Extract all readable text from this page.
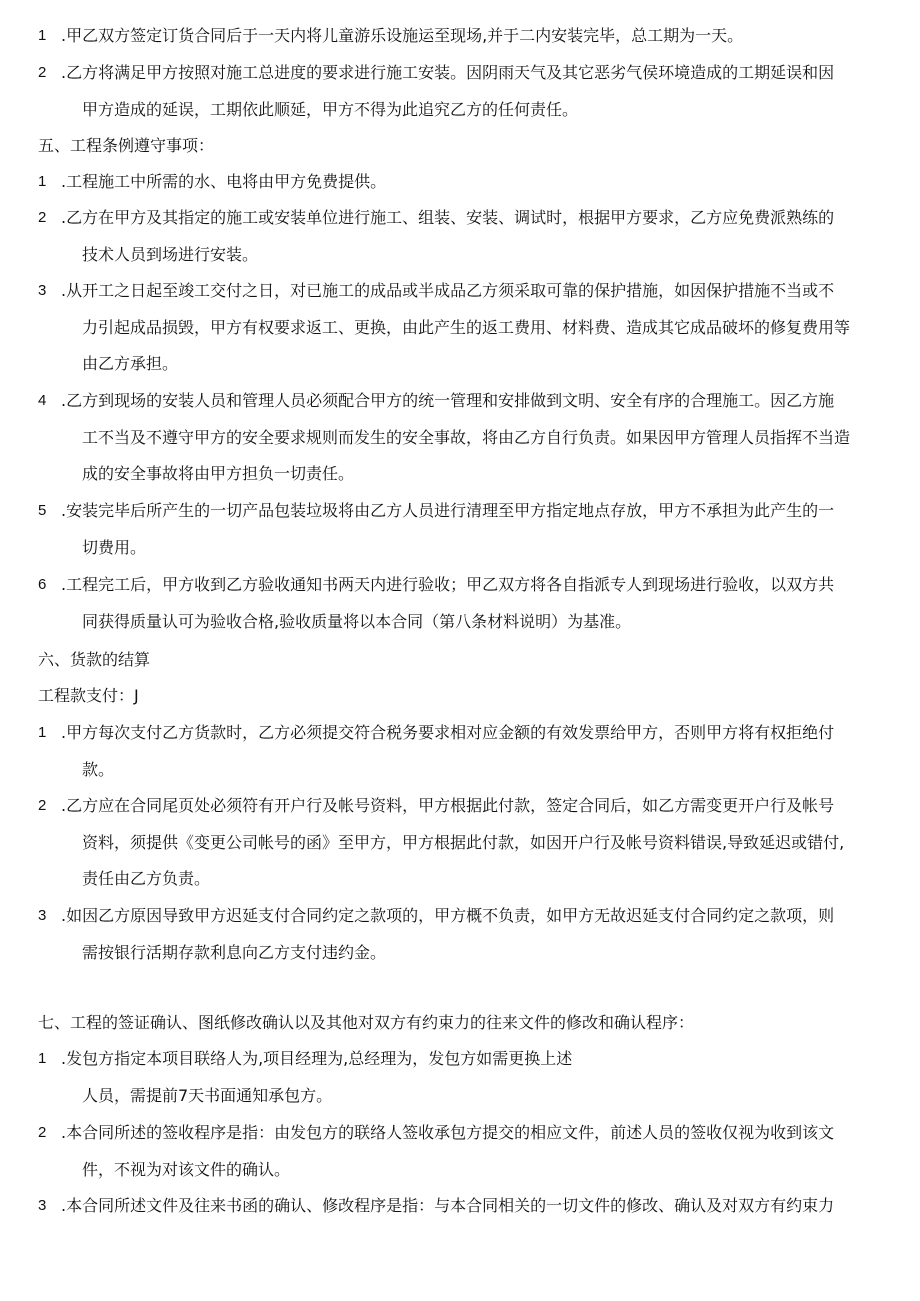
1 .甲乙双方签定订货合同后于一天内将儿童游乐设施运至现场,并于二内安装完毕，总工期为一天。
2 .乙方将满足甲方按照对施工总进度的要求进行施工安装。因阴雨天气及其它恶劣气侯环境造成的工期延误和因
甲方造成的延误，工期依此顺延，甲方不得为此追究乙方的任何责任。
五、工程条例遵守事项：
1 .工程施工中所需的水、电将由甲方免费提供。
2 .乙方在甲方及其指定的施工或安装单位进行施工、组装、安装、调试时，根据甲方要求，乙方应免费派熟练的
技术人员到场进行安装。
3 .从开工之日起至竣工交付之日，对已施工的成品或半成品乙方须采取可靠的保护措施，如因保护措施不当或不
力引起成品损毁，甲方有权要求返工、更换，由此产生的返工费用、材料费、造成其它成品破坏的修复费用等
由乙方承担。
4 .乙方到现场的安装人员和管理人员必须配合甲方的统一管理和安排做到文明、安全有序的合理施工。因乙方施
工不当及不遵守甲方的安全要求规则而发生的安全事故，将由乙方自行负责。如果因甲方管理人员指挥不当造
成的安全事故将由甲方担负一切责任。
5 .安装完毕后所产生的一切产品包装垃圾将由乙方人员进行清理至甲方指定地点存放，甲方不承担为此产生的一
切费用。
6 .工程完工后，甲方收到乙方验收通知书两天内进行验收；甲乙双方将各自指派专人到现场进行验收，以双方共
同获得质量认可为验收合格,验收质量将以本合同（第八条材料说明）为基准。
六、货款的结算
工程款支付：J
1 .甲方每次支付乙方货款时，乙方必须提交符合税务要求相对应金额的有效发票给甲方，否则甲方将有权拒绝付
款。
2 .乙方应在合同尾页处必须符有开户行及帐号资料，甲方根据此付款，签定合同后，如乙方需变更开户行及帐号
资料，须提供《变更公司帐号的函》至甲方，甲方根据此付款，如因开户行及帐号资料错误,导致延迟或错付,
责任由乙方负责。
3 .如因乙方原因导致甲方迟延支付合同约定之款项的，甲方概不负责，如甲方无故迟延支付合同约定之款项，则
需按银行活期存款利息向乙方支付违约金。
七、工程的签证确认、图纸修改确认以及其他对双方有约束力的往来文件的修改和确认程序：
1 .发包方指定本项目联络人为,项目经理为,总经理为，发包方如需更换上述
人员，需提前7天书面通知承包方。
2 .本合同所述的签收程序是指：由发包方的联络人签收承包方提交的相应文件，前述人员的签收仅视为收到该文
件，不视为对该文件的确认。
3 .本合同所述文件及往来书函的确认、修改程序是指：与本合同相关的一切文件的修改、确认及对双方有约束力
